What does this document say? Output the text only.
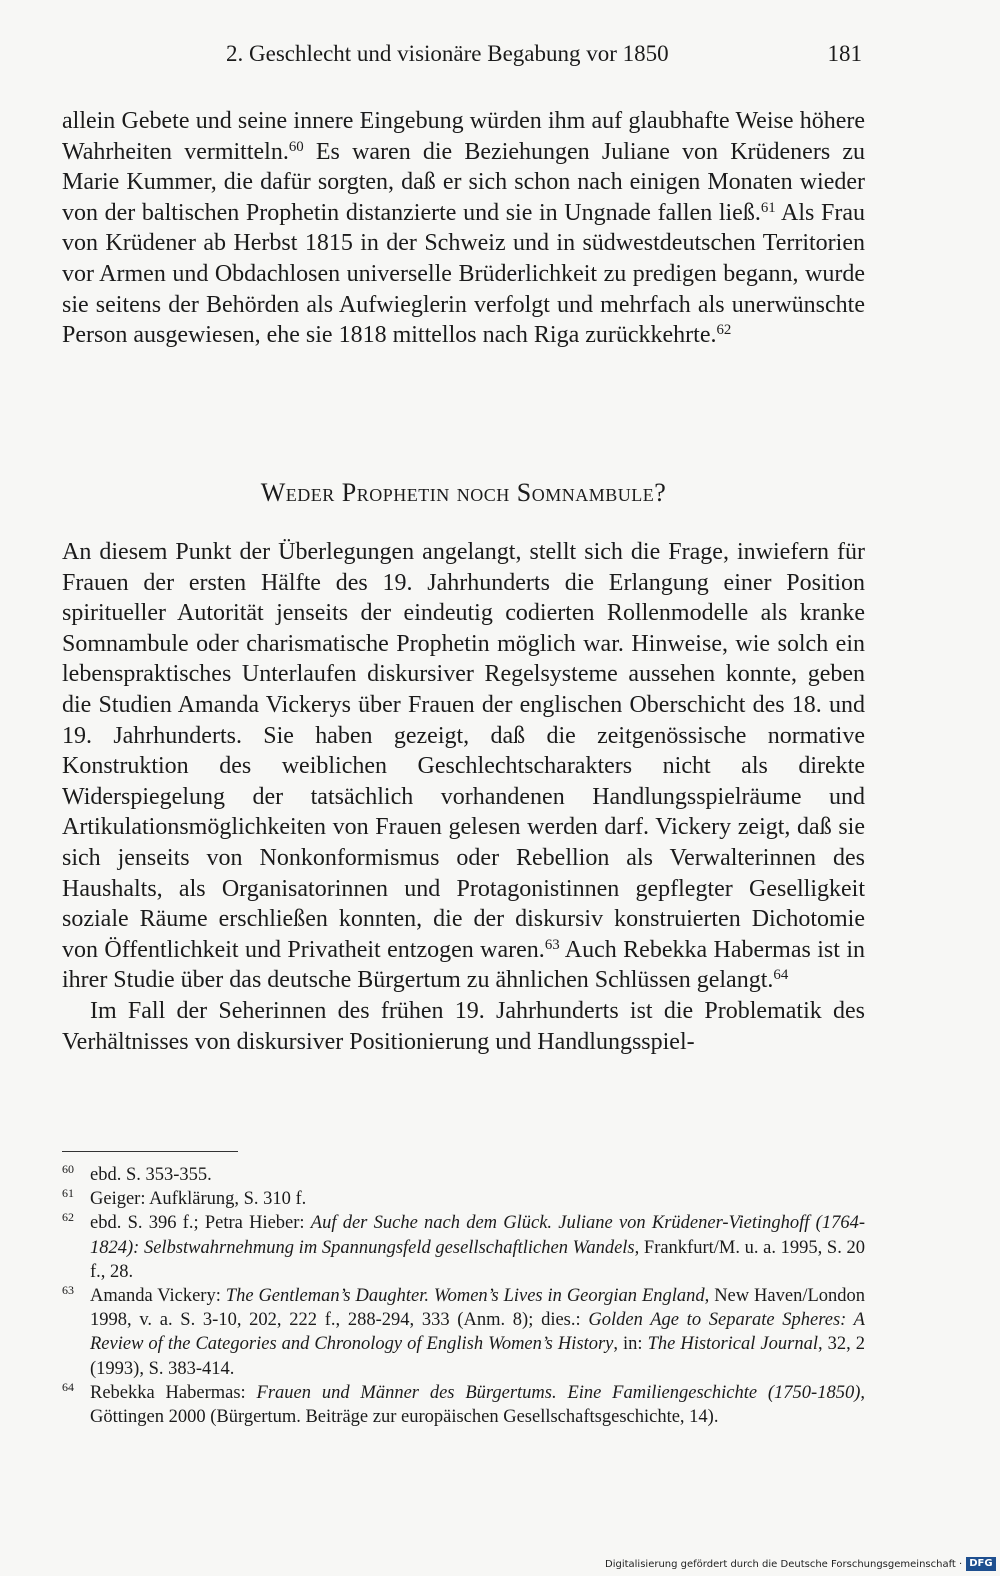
2. Geschlecht und visionäre Begabung vor 1850	181

allein Gebete und seine innere Eingebung würden ihm auf glaubhafte Weise höhere Wahrheiten vermitteln.$^{60}$ Es waren die Beziehungen Juliane von Krüdeners zu Marie Kummer, die dafür sorgten, daß er sich schon nach einigen Monaten wieder von der baltischen Prophetin distanzierte und sie in Ungnade fallen ließ.$^{61}$ Als Frau von Krüdener ab Herbst 1815 in der Schweiz und in südwestdeutschen Territorien vor Armen und Obdachlosen universelle Brüderlichkeit zu predigen begann, wurde sie seitens der Behörden als Aufwieglerin verfolgt und mehrfach als unerwünschte Person ausgewiesen, ehe sie 1818 mittellos nach Riga zurückkehrte.$^{62}$

Weder Prophetin noch Somnambule?

An diesem Punkt der Überlegungen angelangt, stellt sich die Frage, inwiefern für Frauen der ersten Hälfte des 19. Jahrhunderts die Erlangung einer Position spiritueller Autorität jenseits der eindeutig codierten Rollenmodelle als kranke Somnambule oder charismatische Prophetin möglich war. Hinweise, wie solch ein lebenspraktisches Unterlaufen diskursiver Regelsysteme aussehen konnte, geben die Studien Amanda Vickerys über Frauen der englischen Oberschicht des 18. und 19. Jahrhunderts. Sie haben gezeigt, daß die zeitgenössische normative Konstruktion des weiblichen Geschlechtscharakters nicht als direkte Widerspiegelung der tatsächlich vorhandenen Handlungsspielräume und Artikulationsmöglichkeiten von Frauen gelesen werden darf. Vickery zeigt, daß sie sich jenseits von Nonkonformismus oder Rebellion als Verwalterinnen des Haushalts, als Organisatorinnen und Protagonistinnen gepflegter Geselligkeit soziale Räume erschließen konnten, die der diskursiv konstruierten Dichotomie von Öffentlichkeit und Privatheit entzogen waren.$^{63}$ Auch Rebekka Habermas ist in ihrer Studie über das deutsche Bürgertum zu ähnlichen Schlüssen gelangt.$^{64}$

Im Fall der Seherinnen des frühen 19. Jahrhunderts ist die Problematik des Verhältnisses von diskursiver Positionierung und Handlungsspiel-

60 ebd. S. 353-355.

61 Geiger: Aufklärung, S. 310 f.

62 ebd. S. 396 f.; Petra Hieber: Auf der Suche nach dem Glück. Juliane von Krüdener-Vietinghoff (1764-1824): Selbstwahrnehmung im Spannungsfeld gesellschaftlichen Wandels, Frankfurt/M. u. a. 1995, S. 20 f., 28.

63 Amanda Vickery: The Gentleman’s Daughter. Women’s Lives in Georgian England, New Haven/London 1998, v. a. S. 3-10, 202, 222 f., 288-294, 333 (Anm. 8); dies.: Golden Age to Separate Spheres: A Review of the Categories and Chronology of English Women’s History, in: The Historical Journal, 32, 2 (1993), S. 383-414.

64 Rebekka Habermas: Frauen und Männer des Bürgertums. Eine Familiengeschichte (1750-1850), Göttingen 2000 (Bürgertum. Beiträge zur europäischen Gesellschaftsgeschichte, 14).

Digitalisierung gefördert durch die Deutsche Forschungsgemeinschaft · DFG
